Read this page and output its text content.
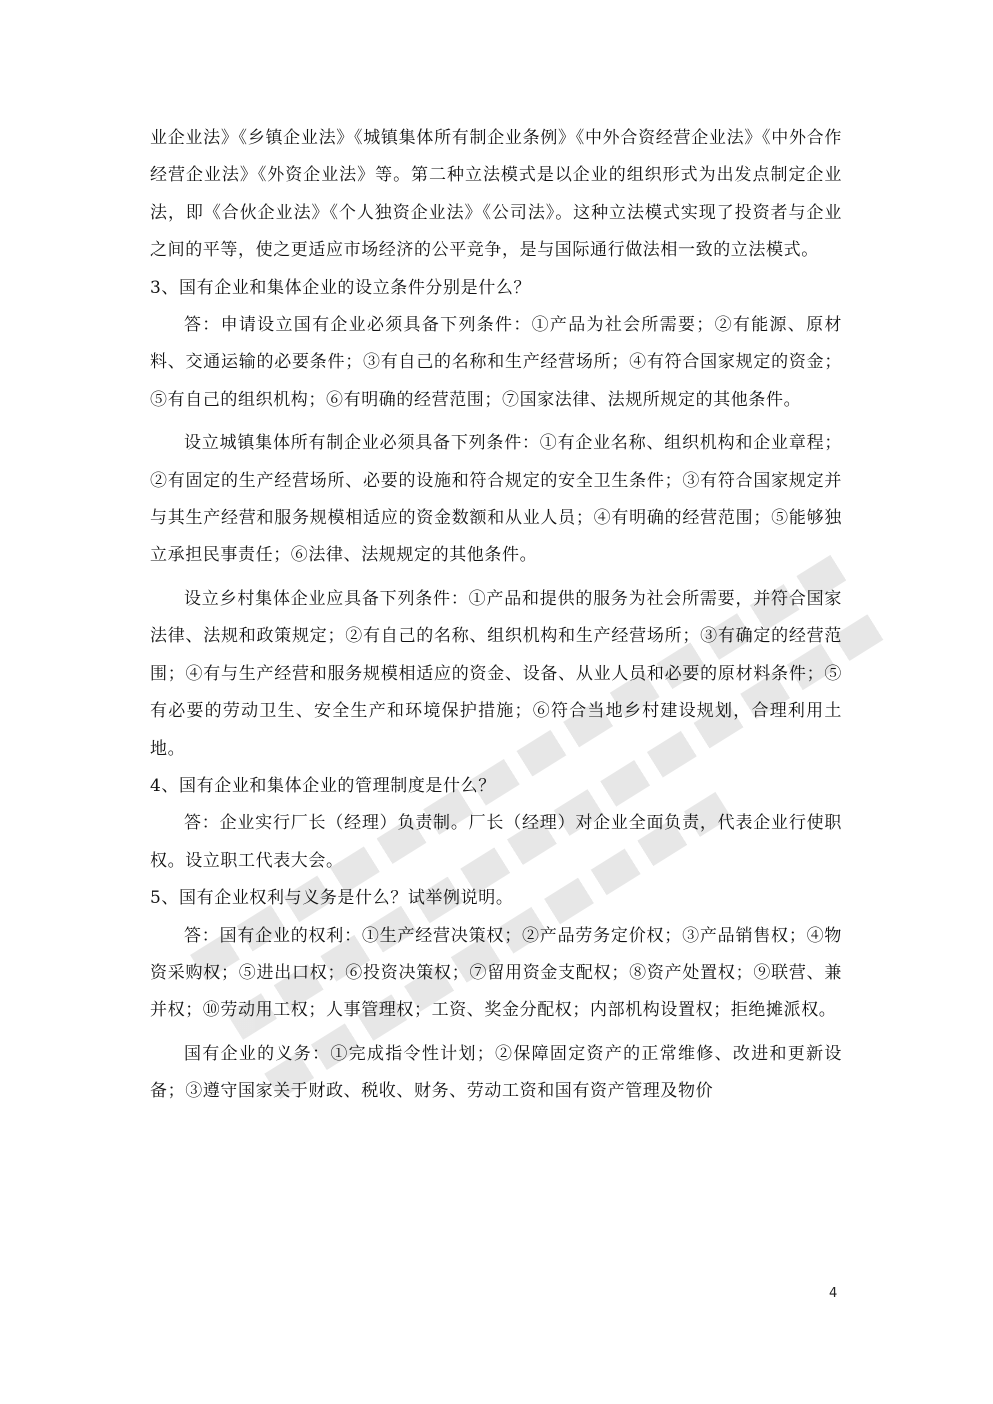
业企业法》《乡镇企业法》《城镇集体所有制企业条例》《中外合资经营企业法》《中外合作经营企业法》《外资企业法》等。第二种立法模式是以企业的组织形式为出发点制定企业法，即《合伙企业法》《个人独资企业法》《公司法》。这种立法模式实现了投资者与企业之间的平等，使之更适应市场经济的公平竞争，是与国际通行做法相一致的立法模式。

3、国有企业和集体企业的设立条件分别是什么？

答：申请设立国有企业必须具备下列条件：①产品为社会所需要；②有能源、原材料、交通运输的必要条件；③有自己的名称和生产经营场所；④有符合国家规定的资金；⑤有自己的组织机构；⑥有明确的经营范围；⑦国家法律、法规所规定的其他条件。

设立城镇集体所有制企业必须具备下列条件：①有企业名称、组织机构和企业章程；②有固定的生产经营场所、必要的设施和符合规定的安全卫生条件；③有符合国家规定并与其生产经营和服务规模相适应的资金数额和从业人员；④有明确的经营范围；⑤能够独立承担民事责任；⑥法律、法规规定的其他条件。

设立乡村集体企业应具备下列条件：①产品和提供的服务为社会所需要，并符合国家法律、法规和政策规定；②有自己的名称、组织机构和生产经营场所；③有确定的经营范围；④有与生产经营和服务规模相适应的资金、设备、从业人员和必要的原材料条件；⑤有必要的劳动卫生、安全生产和环境保护措施；⑥符合当地乡村建设规划，合理利用土地。

4、国有企业和集体企业的管理制度是什么？

答：企业实行厂长（经理）负责制。厂长（经理）对企业全面负责，代表企业行使职权。设立职工代表大会。

5、国有企业权利与义务是什么？试举例说明。

答：国有企业的权利：①生产经营决策权；②产品劳务定价权；③产品销售权；④物资采购权；⑤进出口权；⑥投资决策权；⑦留用资金支配权；⑧资产处置权；⑨联营、兼并权；⑩劳动用工权；人事管理权；工资、奖金分配权；内部机构设置权；拒绝摊派权。

国有企业的义务：①完成指令性计划；②保障固定资产的正常维修、改进和更新设备；③遵守国家关于财政、税收、财务、劳动工资和国有资产管理及物价

4
